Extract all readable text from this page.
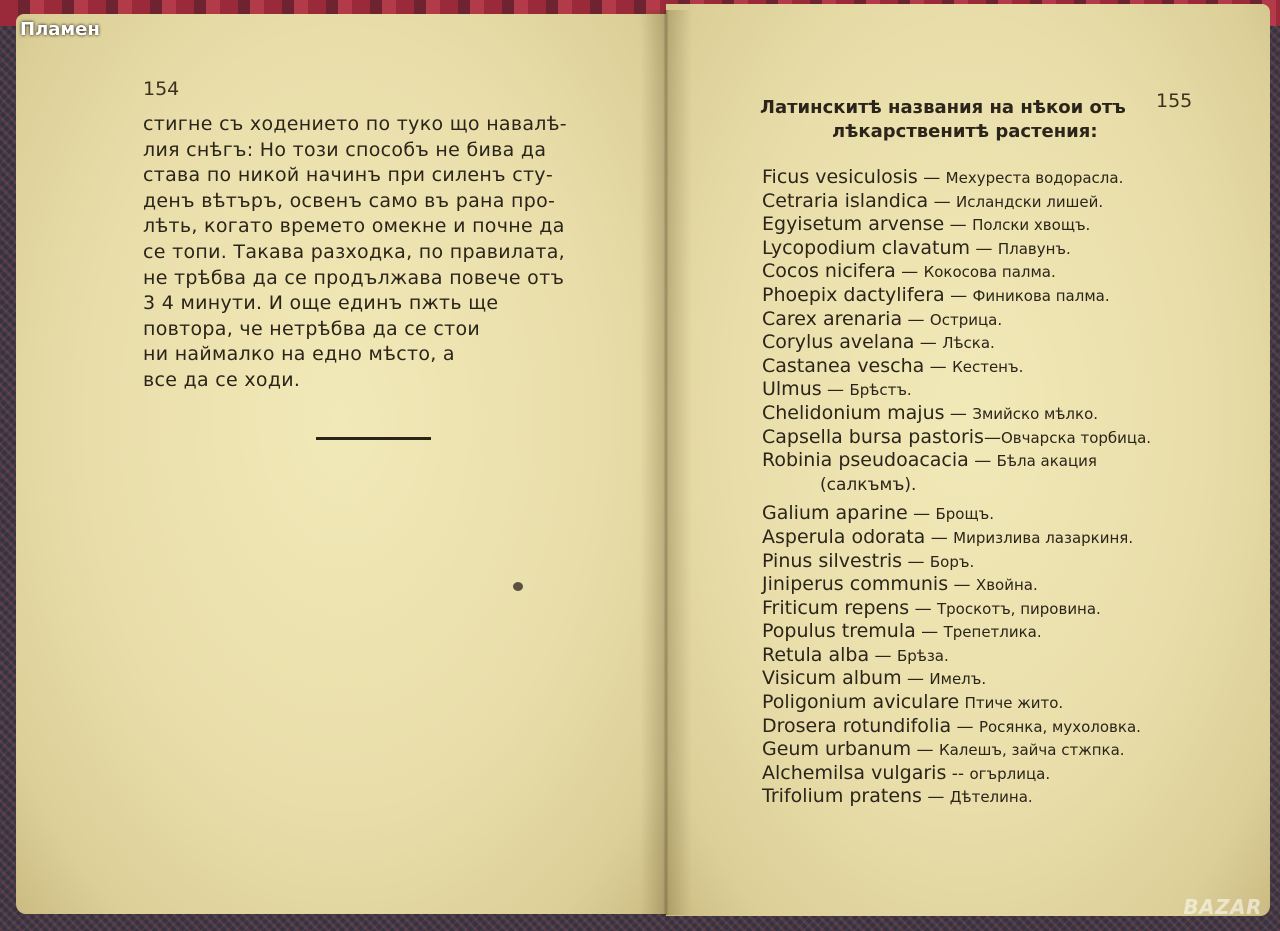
Пламен
154
стигне съ ходението по туко що навалѣ-
лия снѣгъ: Но този способъ не бива да
става по никой начинъ при силенъ сту-
денъ вѣтъръ, освенъ само въ рана про-
лѣть, когато времето омекне и почне да
се топи. Такава разходка, по правилата,
не трѣбва да се продължава повече отъ
3 4 минути. И още единъ пжть ще
повтора, че нетрѣбва да се стои
ни наймалко на едно мѣсто, а
все да се ходи.
155
Латинскитѣ названия на нѣкои отъ
лѣкарственитѣ растения:
Ficus vesiculosis — Мехуреста водорасла.
Cetraria islandica — Исландски лишей.
Egyisetum arvense — Полски хвощъ.
Lycopodium clavatum — Плавунъ.
Cocos nicifera — Кокосова палма.
Phoepix dactylifera — Финикова палма.
Carex arenaria — Острица.
Corylus avelana — Лѣска.
Castanea vescha — Кестенъ.
Ulmus — Брѣстъ.
Chelidonium majus — Змийско мѣлко.
Capsella bursa pastoris—Овчарска торбица.
Robinia pseudoacacia — Бѣла акация
(салкъмъ).
Galium aparine — Брощъ.
Asperula odorata — Миризлива лазаркиня.
Pinus silvestris — Боръ.
Jiniperus communis — Хвойна.
Friticum repens — Трoскотъ, пировина.
Populus tremula — Трепетлика.
Retula alba — Брѣза.
Visicum album — Имелъ.
Poligonium aviculare Птиче жито.
Drosera rotundifolia — Росянка, мухоловка.
Geum urbanum — Калешъ, зайча стжпка.
Alchemilsa vulgaris -- огърлица.
Trifolium pratens — Дѣтелина.
BAZAR
